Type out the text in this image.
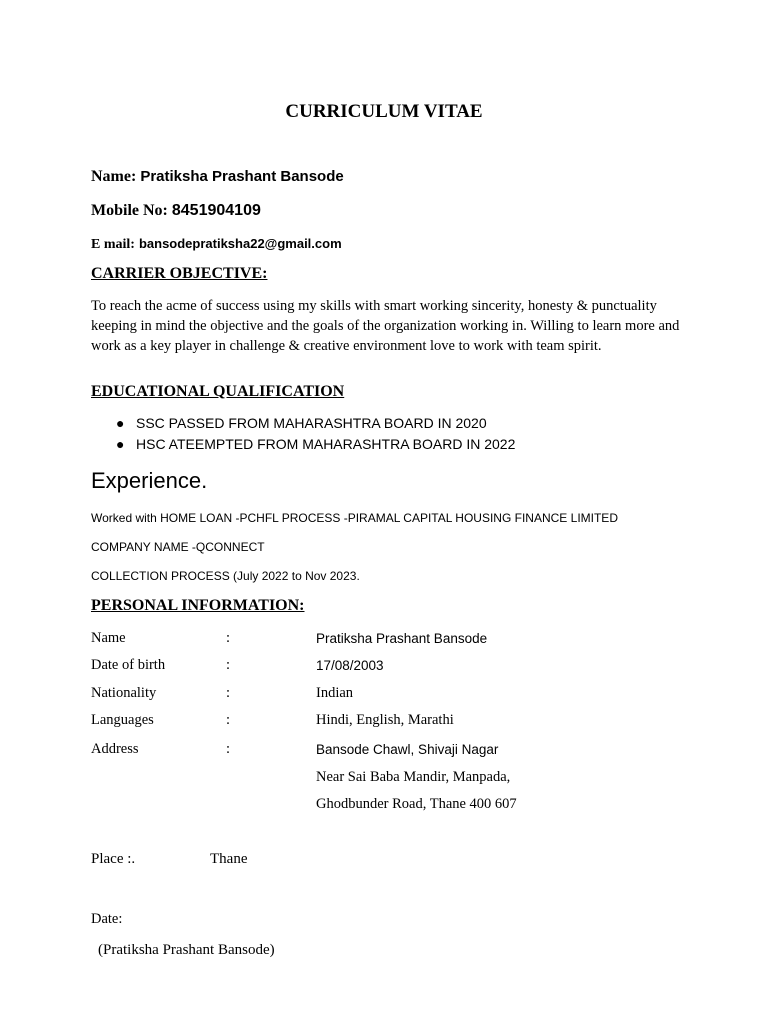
CURRICULUM VITAE
Name: Pratiksha Prashant Bansode
Mobile No: 8451904109
E mail: bansodepratiksha22@gmail.com
CARRIER OBJECTIVE:
To reach the acme of success using my skills with smart working sincerity, honesty & punctuality keeping in mind the objective and the goals of the organization working in. Willing to learn more and work as a key player in challenge & creative environment love to work with team spirit.
EDUCATIONAL QUALIFICATION
● SSC PASSED FROM MAHARASHTRA BOARD IN 2020
● HSC ATEEMPTED FROM MAHARASHTRA BOARD IN 2022
Experience.
Worked with HOME LOAN -PCHFL PROCESS -PIRAMAL CAPITAL HOUSING FINANCE LIMITED
COMPANY NAME -QCONNECT
COLLECTION PROCESS (July 2022 to Nov 2023.
PERSONAL INFORMATION:
Name	:	Pratiksha Prashant Bansode
Date of birth	:	17/08/2003
Nationality	:	Indian
Languages	:	Hindi, English, Marathi
Address	:	Bansode Chawl, Shivaji Nagar
Near Sai Baba Mandir, Manpada,
Ghodbunder Road, Thane 400 607
Place :.	Thane
Date:
(Pratiksha Prashant Bansode)
